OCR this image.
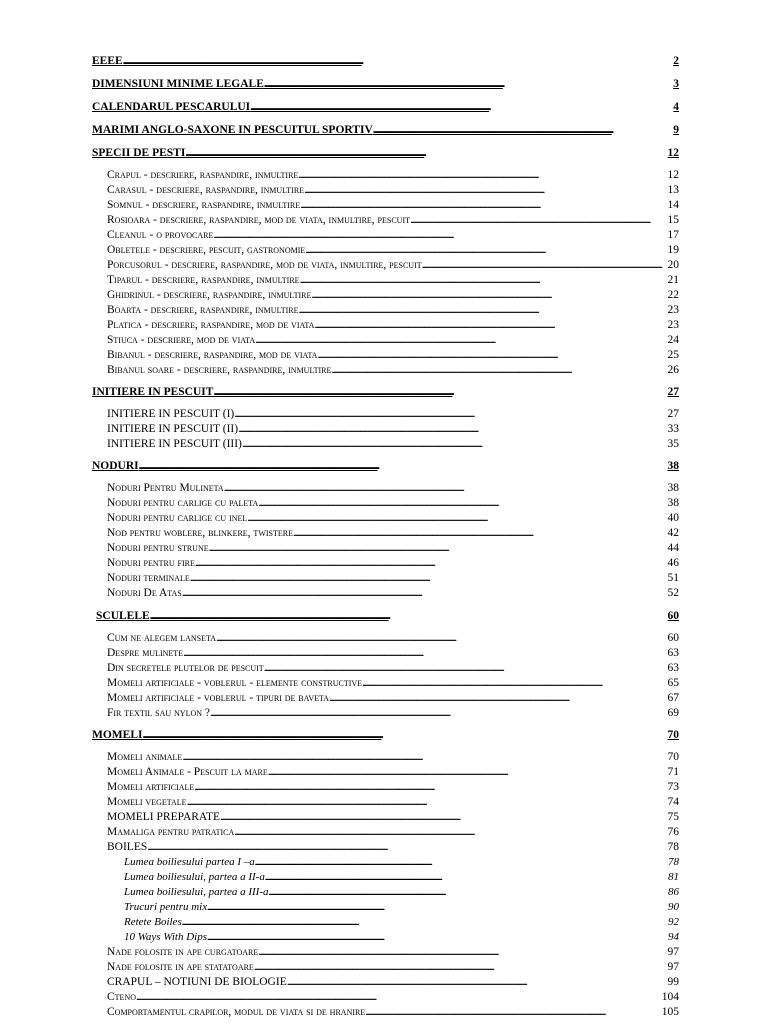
EEEE . . .	2
DIMENSIUNI MINIME LEGALE . . .	3
CALENDARUL PESCARULUI . . .	4
MARIMI ANGLO-SAXONE IN PESCUITUL SPORTIV . . .	9
SPECII DE PESTI . . .	12
Crapul - descriere, raspandire, inmultire . . .	12
Carasul - descriere, raspandire, inmultire . . .	13
Somnul - descriere, raspandire, inmultire . . .	14
Rosioara - descriere, raspandire, mod de viata, inmultire, pescuit . . .	15
Cleanul - o provocare . . .	17
Obletele - descriere, pescuit, gastronomie . . .	19
Porcusorul - descriere, raspandire, mod de viata, inmultire, pescuit . . .	20
Tiparul - descriere, raspandire, inmultire . . .	21
Ghidrinul - descriere, raspandire, inmultire . . .	22
Boarta - descriere, raspandire, inmultire . . .	23
Platica - descriere, raspandire, mod de viata . . .	23
Stiuca - descriere, mod de viata . . .	24
Bibanul - descriere, raspandire, mod de viata . . .	25
Bibanul soare - descriere, raspandire, inmultire . . .	26
INITIERE IN PESCUIT . . .	27
INITIERE IN PESCUIT (I) . . .	27
INITIERE IN PESCUIT (II) . . .	33
INITIERE IN PESCUIT (III) . . .	35
NODURI . . .	38
Noduri Pentru Mulineta . . .	38
Noduri pentru carlige cu paleta . . .	38
Noduri pentru carlige cu inel . . .	40
Nod pentru woblere, blinkere, twistere . . .	42
Noduri pentru strune . . .	44
Noduri pentru fire . . .	46
Noduri terminale . . .	51
Noduri De Atas . . .	52
SCULELE . . .	60
Cum ne alegem lanseta . . .	60
Despre mulinete . . .	63
Din secretele plutelor de pescuit . . .	63
Momeli artificiale - voblerul - elemente constructive . . .	65
Momeli artificiale - voblerul - tipuri de baveta . . .	67
Fir textil sau nylon ? . . .	69
MOMELI . . .	70
Momeli animale . . .	70
Momeli Animale - Pescuit la mare . . .	71
Momeli artificiale . . .	73
Momeli vegetale . . .	74
MOMELI PREPARATE . . .	75
Mamaliga pentru patratica . . .	76
BOILES . . .	78
Lumea boiliesului partea I –a . . .	78
Lumea boiliesului, partea a II-a . . .	81
Lumea boiliesului, partea a III-a . . .	86
Trucuri pentru mix . . .	90
Retete Boiles . . .	92
10 Ways With Dips . . .	94
Nade folosite in ape curgatoare . . .	97
Nade folosite in ape statatoare . . .	97
CRAPUL – NOTIUNI DE BIOLOGIE . . .	99
Cteno . . .	104
Comportamentul crapilor, modul de viata si de hranire . . .	105
